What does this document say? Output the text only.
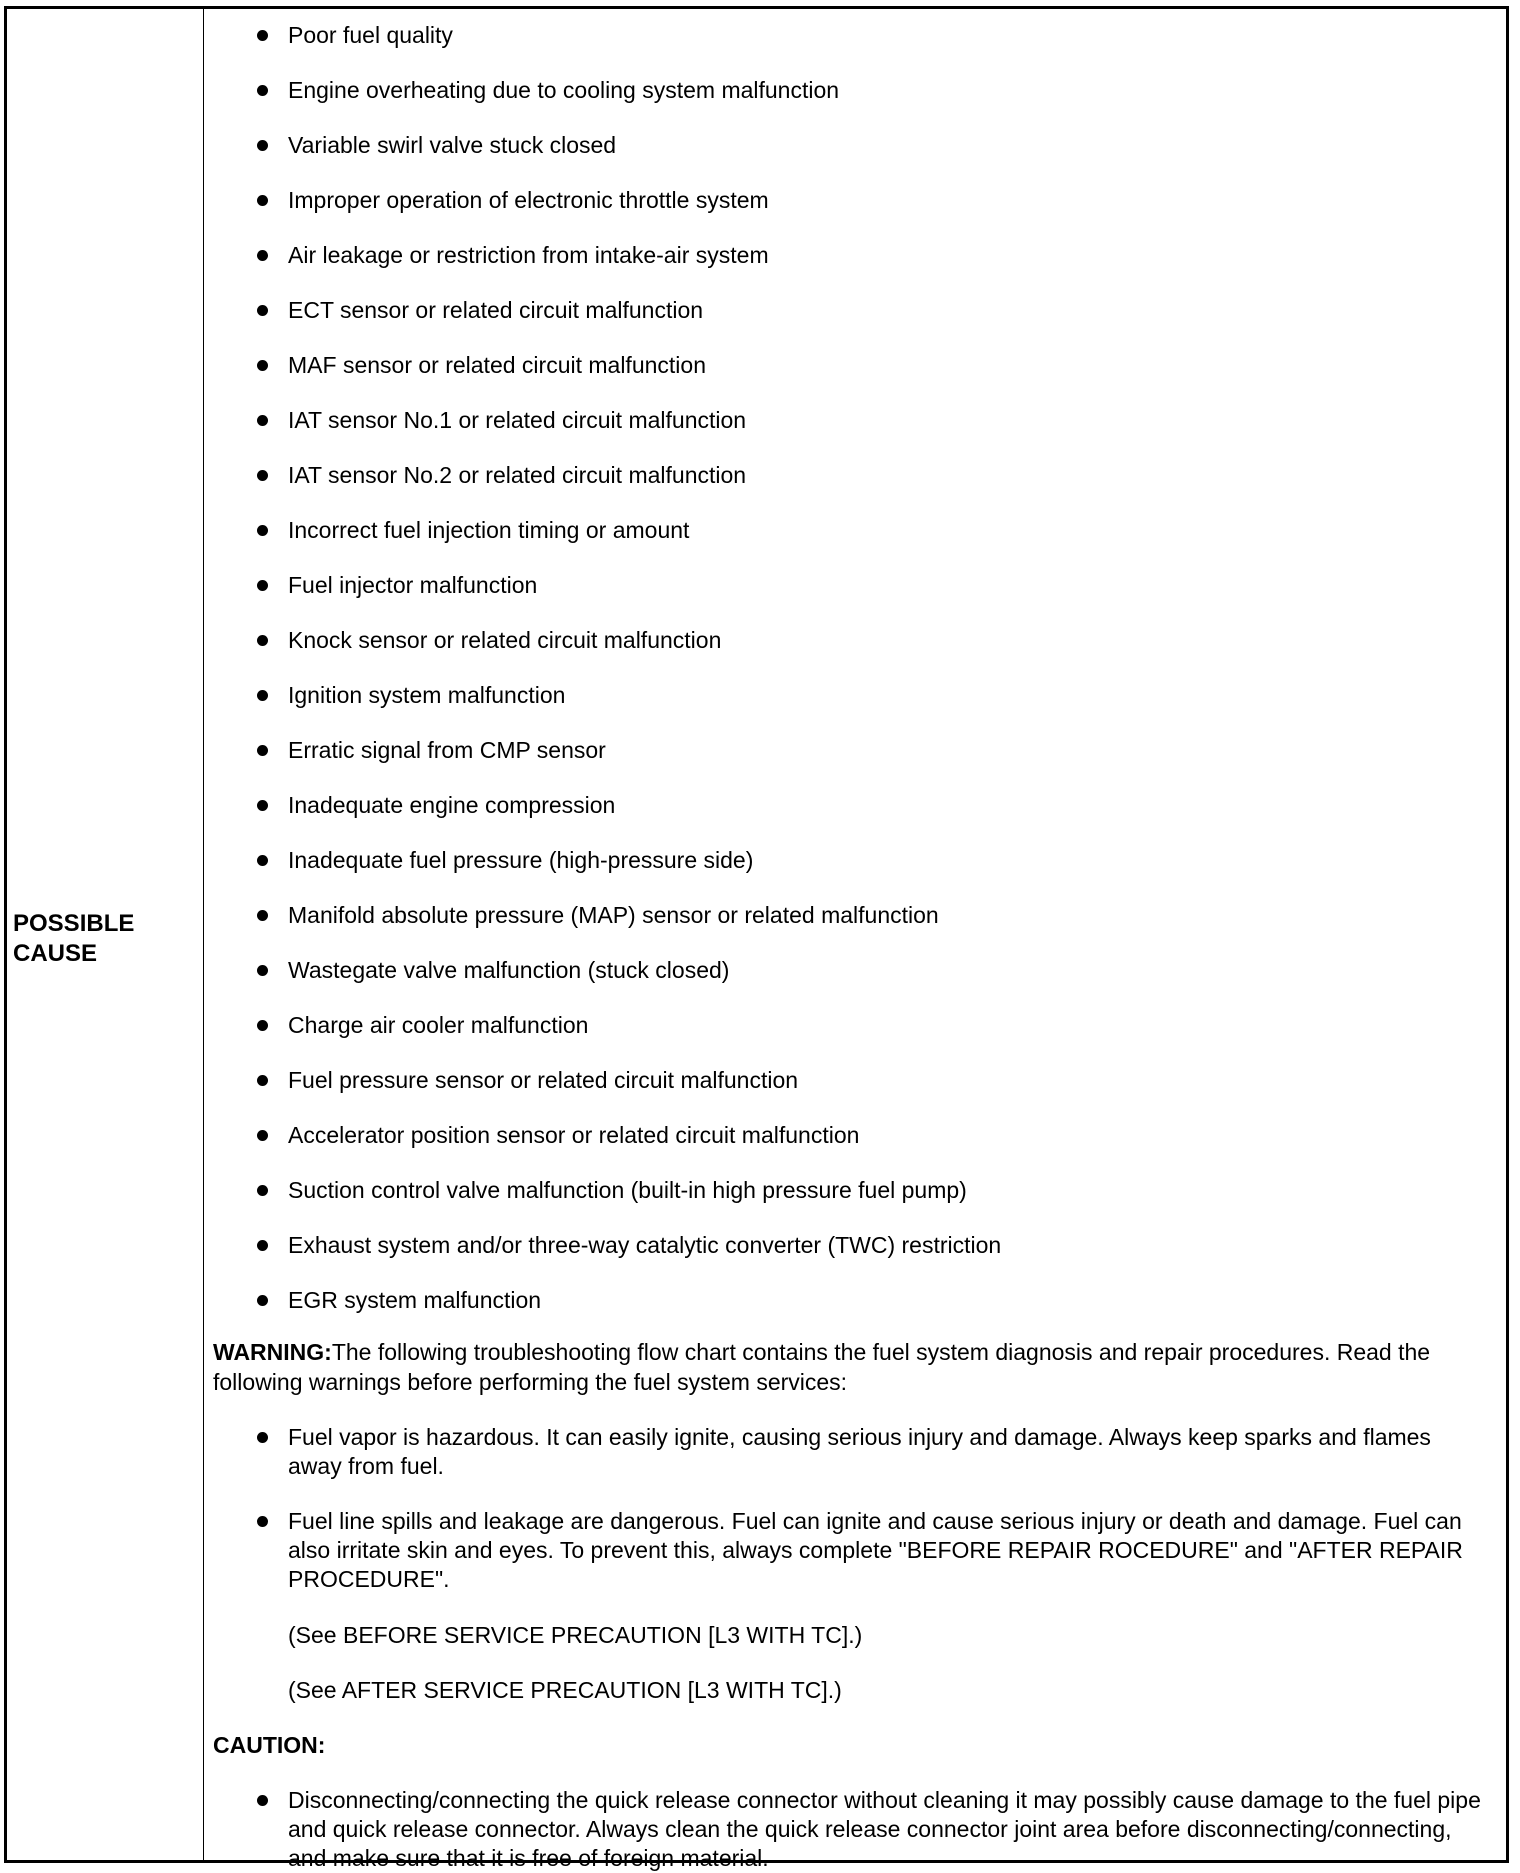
POSSIBLE
CAUSE
Poor fuel quality
Engine overheating due to cooling system malfunction
Variable swirl valve stuck closed
Improper operation of electronic throttle system
Air leakage or restriction from intake-air system
ECT sensor or related circuit malfunction
MAF sensor or related circuit malfunction
IAT sensor No.1 or related circuit malfunction
IAT sensor No.2 or related circuit malfunction
Incorrect fuel injection timing or amount
Fuel injector malfunction
Knock sensor or related circuit malfunction
Ignition system malfunction
Erratic signal from CMP sensor
Inadequate engine compression
Inadequate fuel pressure (high-pressure side)
Manifold absolute pressure (MAP) sensor or related malfunction
Wastegate valve malfunction (stuck closed)
Charge air cooler malfunction
Fuel pressure sensor or related circuit malfunction
Accelerator position sensor or related circuit malfunction
Suction control valve malfunction (built-in high pressure fuel pump)
Exhaust system and/or three-way catalytic converter (TWC) restriction
EGR system malfunction

WARNING:The following troubleshooting flow chart contains the fuel system diagnosis and repair procedures. Read the following warnings before performing the fuel system services:

Fuel vapor is hazardous. It can easily ignite, causing serious injury and damage. Always keep sparks and flames away from fuel.
Fuel line spills and leakage are dangerous. Fuel can ignite and cause serious injury or death and damage. Fuel can also irritate skin and eyes. To prevent this, always complete "BEFORE REPAIR ROCEDURE" and "AFTER REPAIR PROCEDURE".
(See BEFORE SERVICE PRECAUTION [L3 WITH TC].)
(See AFTER SERVICE PRECAUTION [L3 WITH TC].)
CAUTION:
Disconnecting/connecting the quick release connector without cleaning it may possibly cause damage to the fuel pipe and quick release connector. Always clean the quick release connector joint area before disconnecting/connecting, and make sure that it is free of foreign material.
